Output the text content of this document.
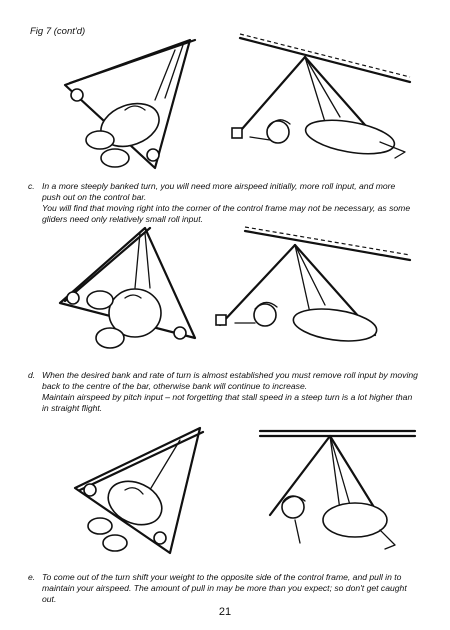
Fig 7 (cont'd)
c. In a more steeply banked turn, you will need more airspeed initially, more roll input, and more
push out on the control bar.
You will find that moving right into the corner of the control frame may not be necessary, as some
gliders need only relatively small roll input.
d. When the desired bank and rate of turn is almost established you must remove roll input by moving
back to the centre of the bar, otherwise bank will continue to increase.
Maintain airspeed by pitch input – not forgetting that stall speed in a steep turn is a lot higher than
in straight flight.
e. To come out of the turn shift your weight to the opposite side of the control frame, and pull in to
maintain your airspeed. The amount of pull in may be more than you expect; so don't get caught
out.
21
